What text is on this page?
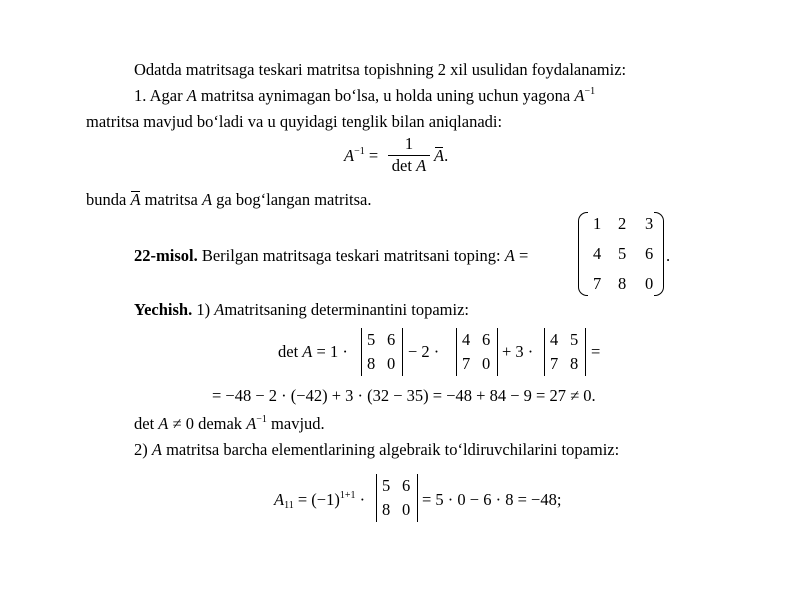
Odatda matritsaga teskari matritsa topishning 2 xil usulidan foydalanamiz:
1. Agar A matritsa aynimagan bo‘lsa, u holda uning uchun yagona $A^{-1}$
matritsa mavjud bo‘ladi va u quyidagi tenglik bilan aniqlanadi:
$A^{-1}$ =
1
det A
A.
bunda A matritsa A ga bog‘langan matritsa.
22-misol. Berilgan matritsaga teskari matritsani toping: A =
1 2 3
4 5 6
7 8 0
.
Yechish. 1) Amatritsaning determinantini topamiz:
det A = 1 ·
5 6
8 0
− 2 ·
4 6
7 0
+ 3 ·
4 5
7 8
=
= −48 − 2 · (−42) + 3 · (32 − 35) = −48 + 84 − 9 = 27 ≠ 0.
det A ≠ 0 demak $A^{-1}$ mavjud.
2) A matritsa barcha elementlarining algebraik to‘ldiruvchilarini topamiz:
$A_{11} = (-1)^{1+1}$ ·
5 6
8 0
= 5 · 0 − 6 · 8 = −48;
